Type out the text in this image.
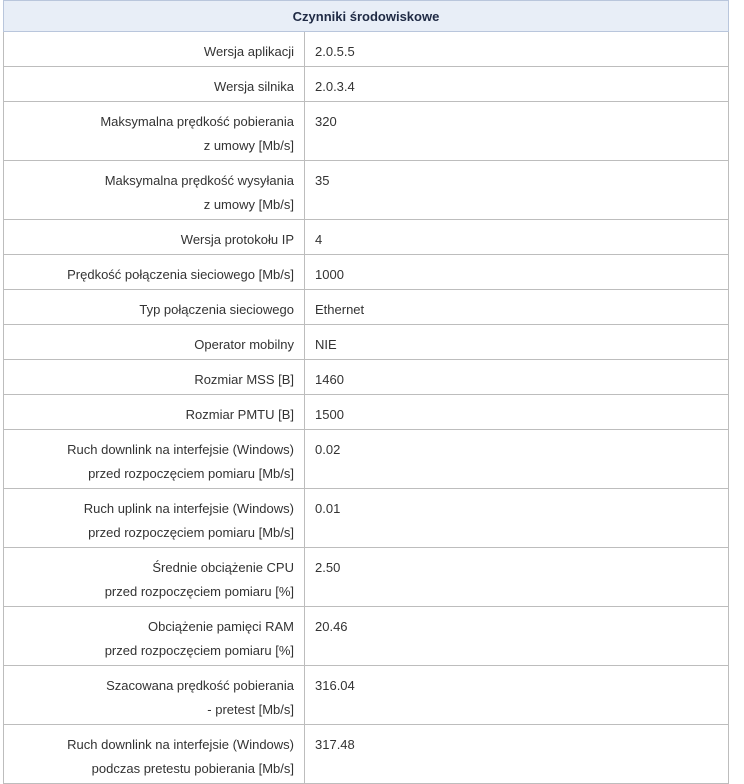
Czynniki środowiskowe	

Wersja aplikacji	2.0.5.5

Wersja silnika	2.0.3.4

Maksymalna prędkość pobierania
z umowy [Mb/s]	320

Maksymalna prędkość wysyłania
z umowy [Mb/s]	35

Wersja protokołu IP	4

Prędkość połączenia sieciowego [Mb/s]	1000

Typ połączenia sieciowego	Ethernet

Operator mobilny	NIE

Rozmiar MSS [B]	1460

Rozmiar PMTU [B]	1500

Ruch downlink na interfejsie (Windows)
przed rozpoczęciem pomiaru [Mb/s]	0.02

Ruch uplink na interfejsie (Windows)
przed rozpoczęciem pomiaru [Mb/s]	0.01

Średnie obciążenie CPU
przed rozpoczęciem pomiaru [%]	2.50

Obciążenie pamięci RAM
przed rozpoczęciem pomiaru [%]	20.46

Szacowana prędkość pobierania
- pretest [Mb/s]	316.04

Ruch downlink na interfejsie (Windows)
podczas pretestu pobierania [Mb/s]	317.48
